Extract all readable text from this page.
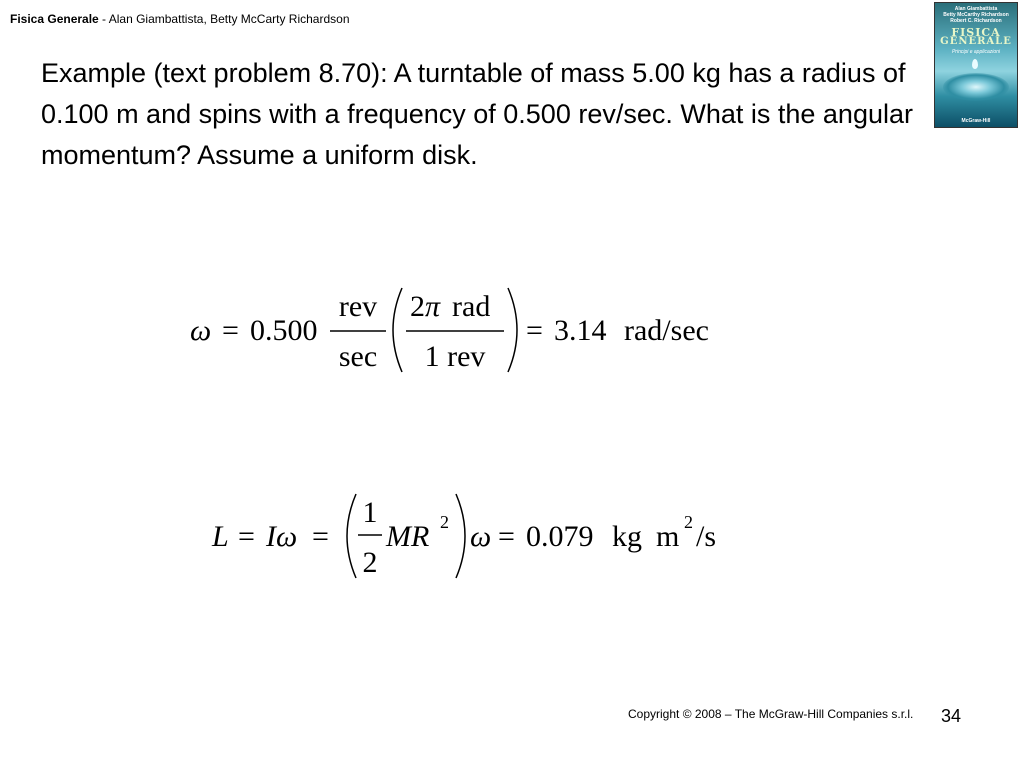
Fisica Generale - Alan Giambattista, Betty McCarty Richardson
Alan Giambattista
Betty McCarthy Richardson
Robert C. Richardson
FISICA
GENERALE
Principi e applicazioni
McGraw-Hill

Example (text problem 8.70): A turntable of mass 5.00 kg has a radius of 0.100 m and spins with a frequency of 0.500 rev/sec. What is the angular momentum? Assume a uniform disk.

ω = 0.500
rev
sec
2π rad
1 rev
= 3.14 rad/sec
L = Iω =
1
2
MR 2 ω = 0.079 kg m 2 /s
Copyright © 2008 – The McGraw-Hill Companies s.r.l. 34
